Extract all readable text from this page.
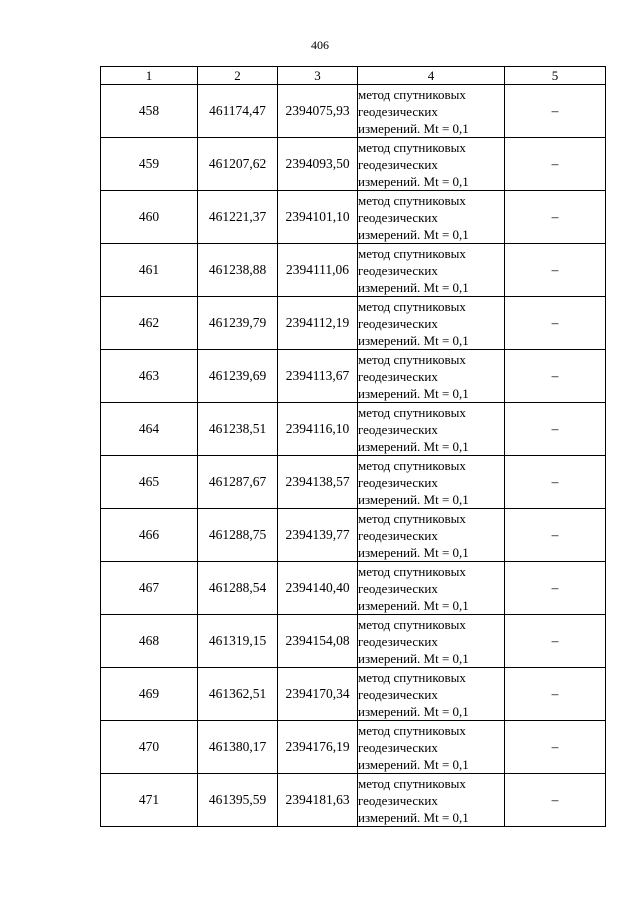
406
1	2	3	4	5
458	461174,47	2394075,93	метод спутниковых
геодезических
измерений. Mt = 0,1	–
459	461207,62	2394093,50	метод спутниковых
геодезических
измерений. Mt = 0,1	–
460	461221,37	2394101,10	метод спутниковых
геодезических
измерений. Mt = 0,1	–
461	461238,88	2394111,06	метод спутниковых
геодезических
измерений. Mt = 0,1	–
462	461239,79	2394112,19	метод спутниковых
геодезических
измерений. Mt = 0,1	–
463	461239,69	2394113,67	метод спутниковых
геодезических
измерений. Mt = 0,1	–
464	461238,51	2394116,10	метод спутниковых
геодезических
измерений. Mt = 0,1	–
465	461287,67	2394138,57	метод спутниковых
геодезических
измерений. Mt = 0,1	–
466	461288,75	2394139,77	метод спутниковых
геодезических
измерений. Mt = 0,1	–
467	461288,54	2394140,40	метод спутниковых
геодезических
измерений. Mt = 0,1	–
468	461319,15	2394154,08	метод спутниковых
геодезических
измерений. Mt = 0,1	–
469	461362,51	2394170,34	метод спутниковых
геодезических
измерений. Mt = 0,1	–
470	461380,17	2394176,19	метод спутниковых
геодезических
измерений. Mt = 0,1	–
471	461395,59	2394181,63	метод спутниковых
геодезических
измерений. Mt = 0,1	–
